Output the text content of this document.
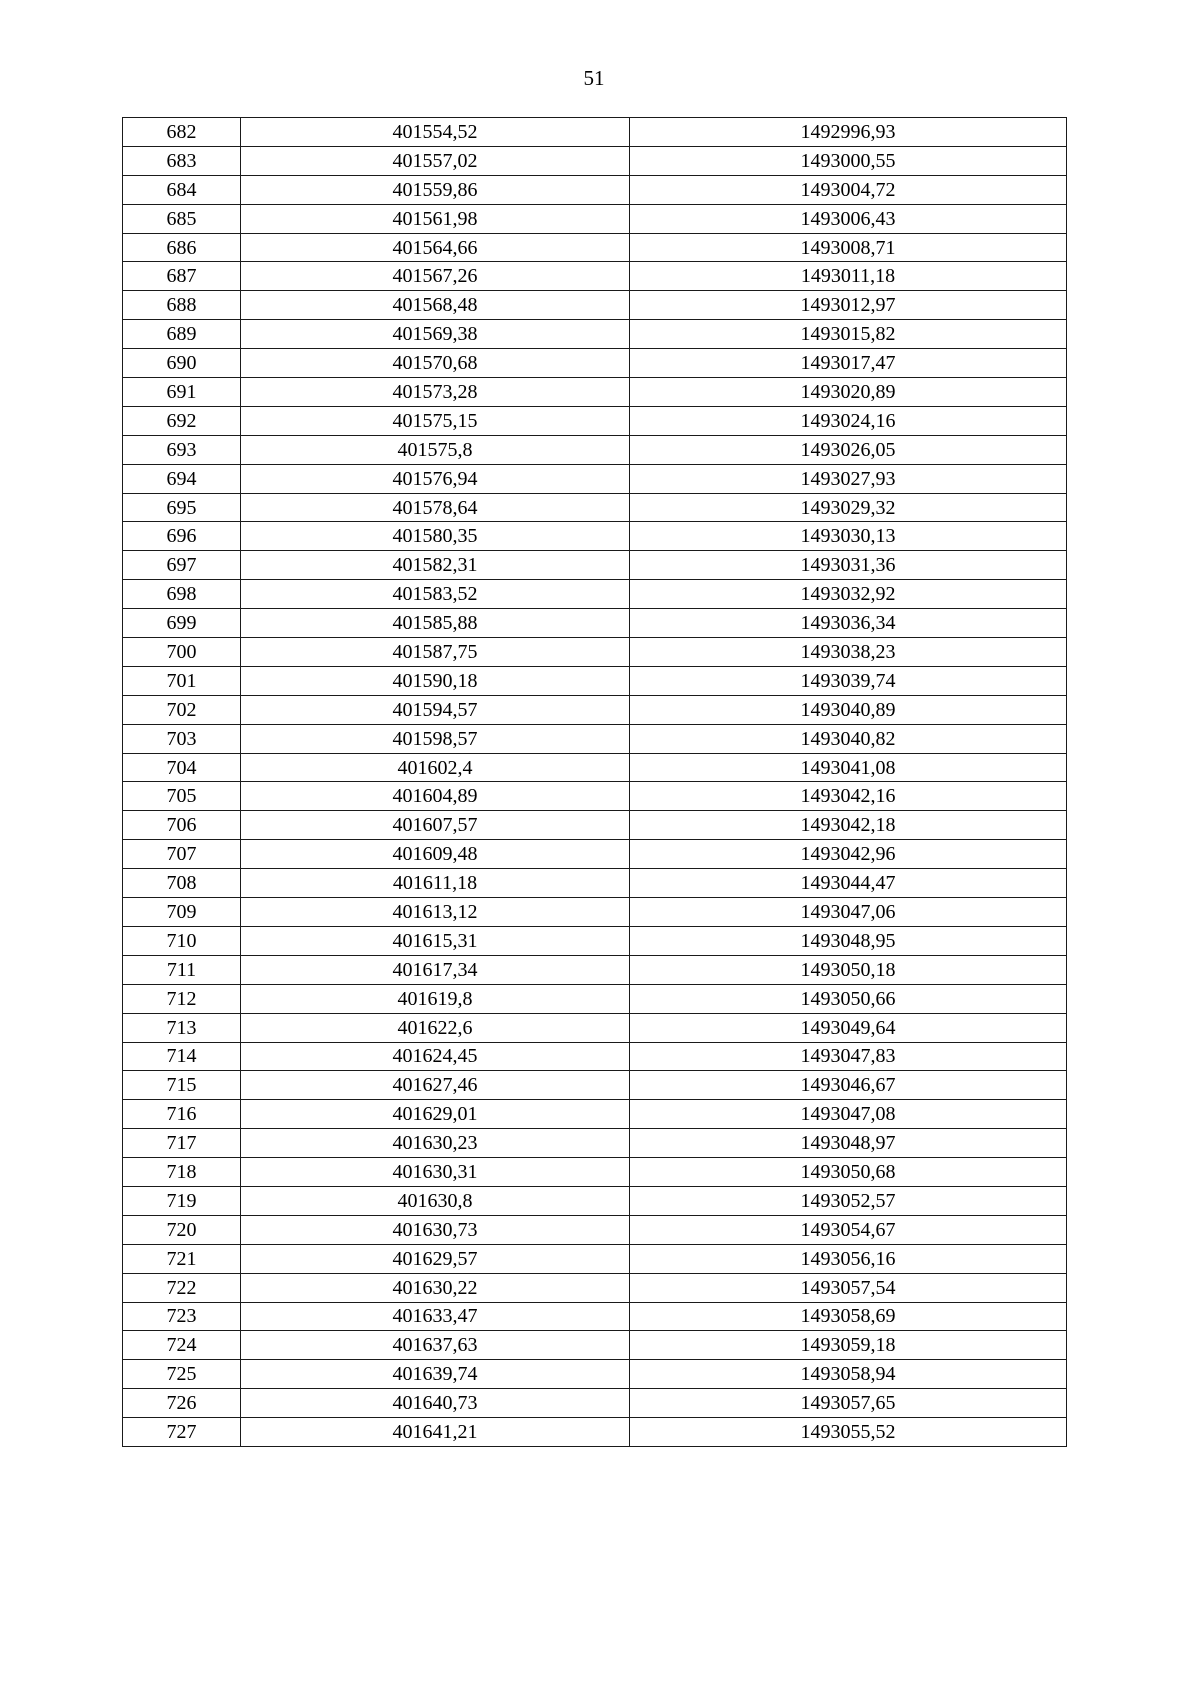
51
682	401554,52	1492996,93
683	401557,02	1493000,55
684	401559,86	1493004,72
685	401561,98	1493006,43
686	401564,66	1493008,71
687	401567,26	1493011,18
688	401568,48	1493012,97
689	401569,38	1493015,82
690	401570,68	1493017,47
691	401573,28	1493020,89
692	401575,15	1493024,16
693	401575,8	1493026,05
694	401576,94	1493027,93
695	401578,64	1493029,32
696	401580,35	1493030,13
697	401582,31	1493031,36
698	401583,52	1493032,92
699	401585,88	1493036,34
700	401587,75	1493038,23
701	401590,18	1493039,74
702	401594,57	1493040,89
703	401598,57	1493040,82
704	401602,4	1493041,08
705	401604,89	1493042,16
706	401607,57	1493042,18
707	401609,48	1493042,96
708	401611,18	1493044,47
709	401613,12	1493047,06
710	401615,31	1493048,95
711	401617,34	1493050,18
712	401619,8	1493050,66
713	401622,6	1493049,64
714	401624,45	1493047,83
715	401627,46	1493046,67
716	401629,01	1493047,08
717	401630,23	1493048,97
718	401630,31	1493050,68
719	401630,8	1493052,57
720	401630,73	1493054,67
721	401629,57	1493056,16
722	401630,22	1493057,54
723	401633,47	1493058,69
724	401637,63	1493059,18
725	401639,74	1493058,94
726	401640,73	1493057,65
727	401641,21	1493055,52
